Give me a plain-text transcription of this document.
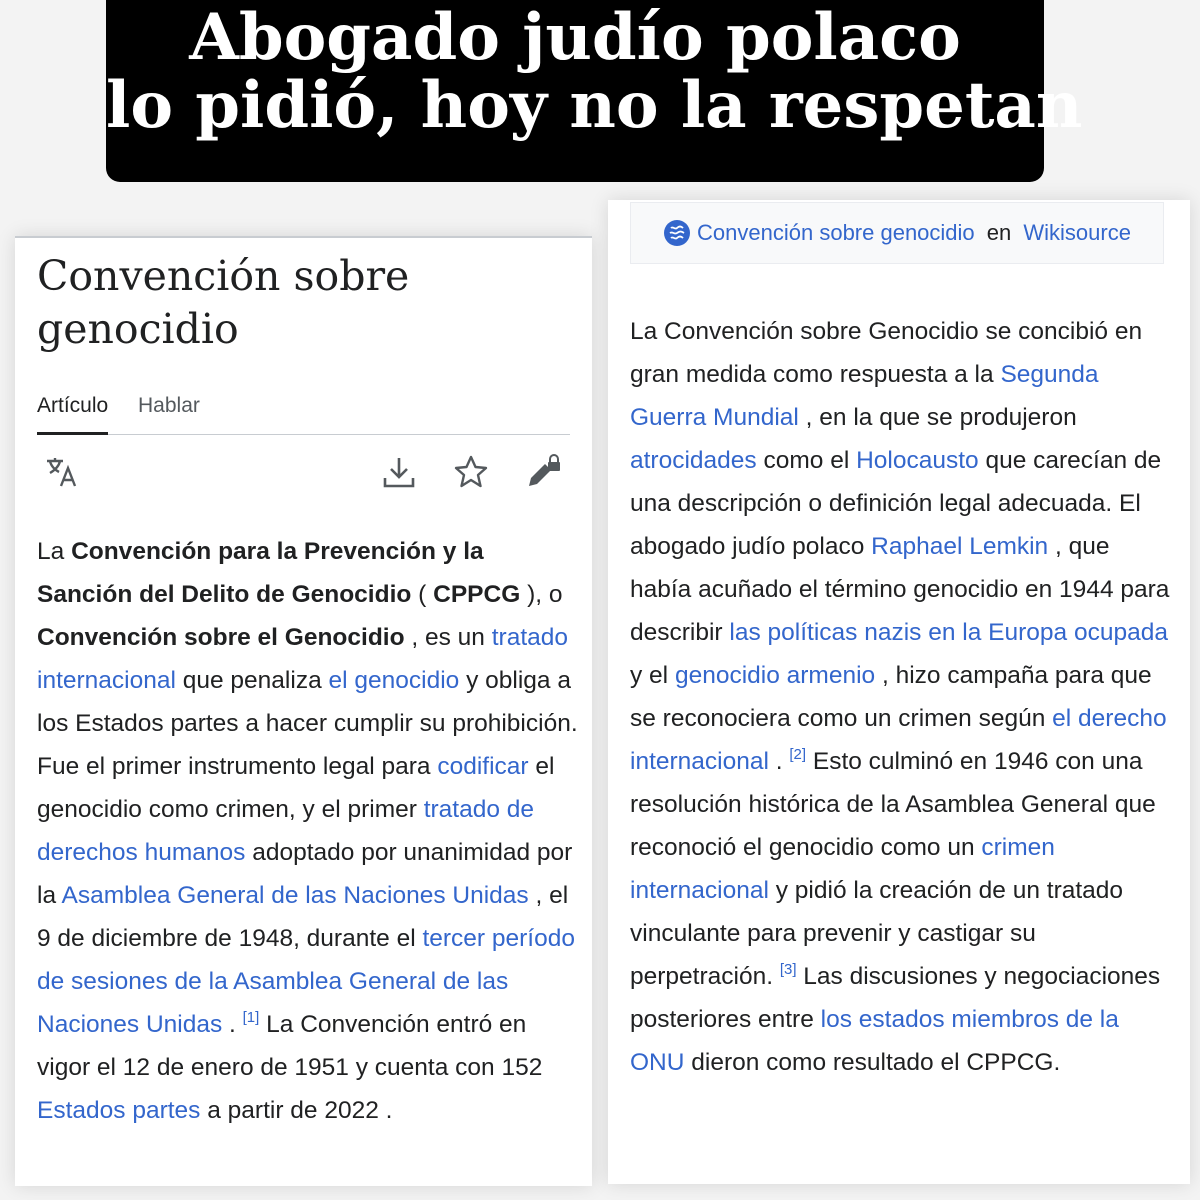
Abogado judío polaco
lo pidió, hoy no la respetan
Convención sobre genocidio
Artículo Hablar
La Convención para la Prevención y la Sanción del Delito de Genocidio ( CPPCG ), o Convención sobre el Genocidio , es un tratado internacional que penaliza el genocidio y obliga a los Estados partes a hacer cumplir su prohibición. Fue el primer instrumento legal para codificar el genocidio como crimen, y el primer tratado de derechos humanos adoptado por unanimidad por la Asamblea General de las Naciones Unidas , el 9 de diciembre de 1948, durante el tercer período de sesiones de la Asamblea General de las Naciones Unidas . [1] La Convención entró en vigor el 12 de enero de 1951 y cuenta con 152 Estados partes a partir de 2022 .
Convención sobre genocidio en Wikisource
La Convención sobre Genocidio se concibió en gran medida como respuesta a la Segunda Guerra Mundial , en la que se produjeron atrocidades como el Holocausto que carecían de una descripción o definición legal adecuada. El abogado judío polaco Raphael Lemkin , que había acuñado el término genocidio en 1944 para describir las políticas nazis en la Europa ocupada y el genocidio armenio , hizo campaña para que se reconociera como un crimen según el derecho internacional . [2] Esto culminó en 1946 con una resolución histórica de la Asamblea General que reconoció el genocidio como un crimen internacional y pidió la creación de un tratado vinculante para prevenir y castigar su perpetración. [3] Las discusiones y negociaciones posteriores entre los estados miembros de la ONU dieron como resultado el CPPCG.
